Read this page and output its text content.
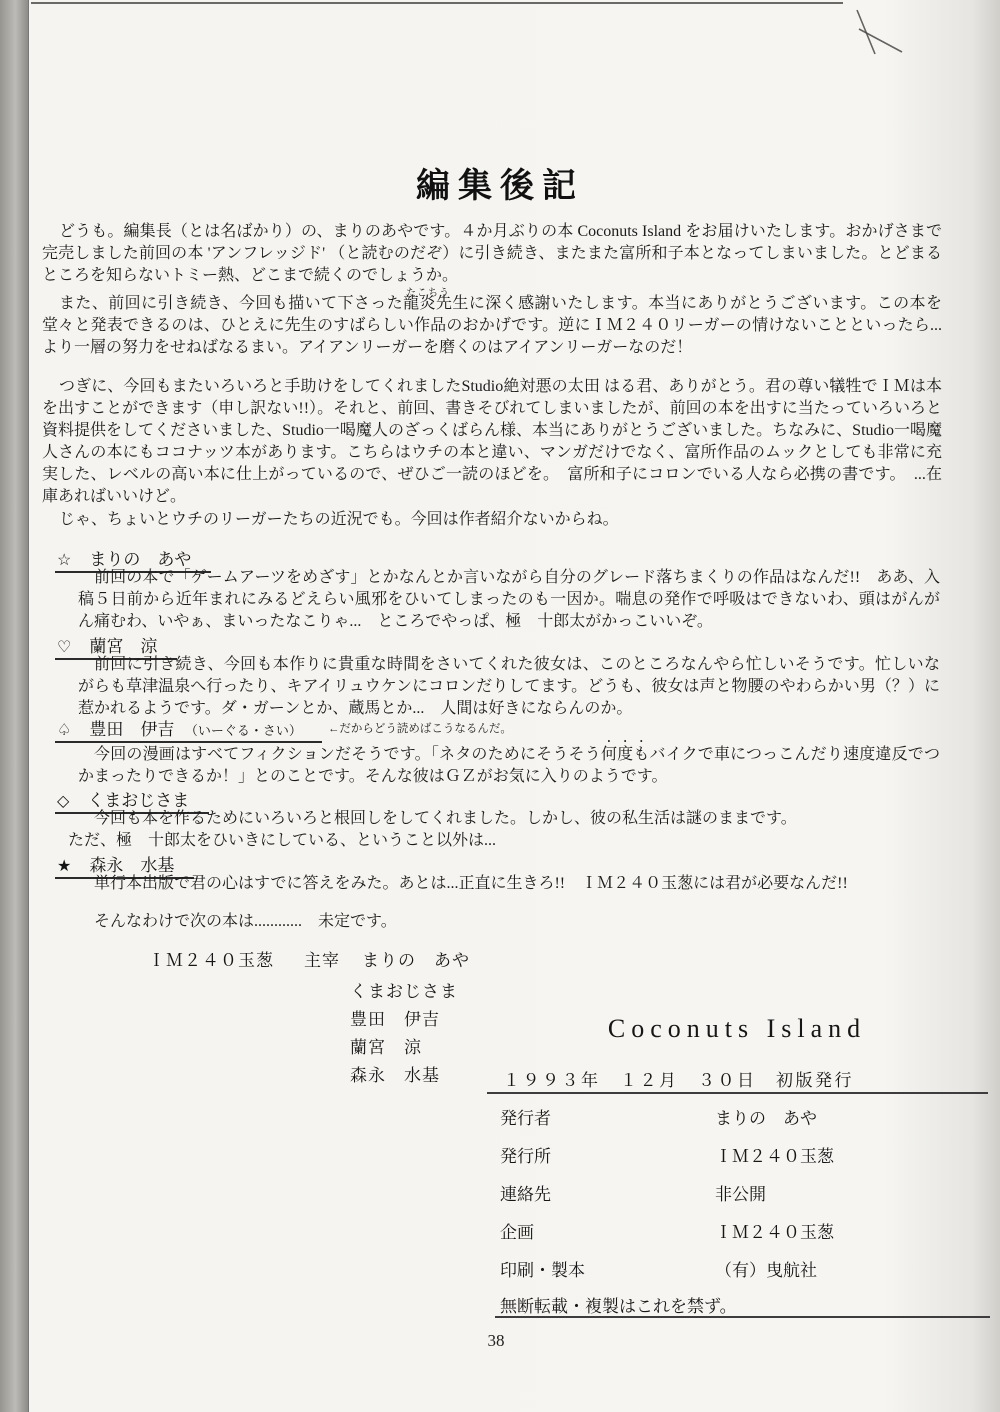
編集後記
どうも。編集長（とは名ばかり）の、まりのあやです。４か月ぶりの本 Coconuts Island をお届けいたします。おかげさまで完売しました前回の本 'アンフレッジド' （と読むのだぞ）に引き続き、またまた富所和子本となってしまいました。とどまるところを知らないトミー熱、どこまで続くのでしょうか。
また、前回に引き続き、今回も描いて下さった龍炎
たこちう
先生に深く感謝いたします。本当にありがとうございます。この本を堂々と発表できるのは、ひとえに先生のすばらしい作品のおかげです。逆にＩＭ２４０リーガーの情けないことといったら...　より一層の努力をせねばなるまい。アイアンリーガーを磨くのはアイアンリーガーなのだ！
つぎに、今回もまたいろいろと手助けをしてくれましたStudio絶対悪の太田 はる君、ありがとう。君の尊い犠牲でＩＭは本を出すことができます（申し訳ない!!）。それと、前回、書きそびれてしまいましたが、前回の本を出すに当たっていろいろと資料提供をしてくださいました、Studio一喝魔人のざっくばらん様、本当にありがとうございました。ちなみに、Studio一喝魔人さんの本にもココナッツ本があります。こちらはウチの本と違い、マンガだけでなく、富所作品のムックとしても非常に充実した、レベルの高い本に仕上がっているので、ぜひご一読のほどを。　富所和子にコロンでいる人なら必携の書です。　...在庫あればいいけど。
じゃ、ちょいとウチのリーガーたちの近況でも。今回は作者紹介ないからね。
☆ まりの　あや
前回の本で「ゲームアーツをめざす」とかなんとか言いながら自分のグレード落ちまくりの作品はなんだ!!　ああ、入稿５日前から近年まれにみるどえらい風邪をひいてしまったのも一因か。喘息の発作で呼吸はできないわ、頭はがんがん痛むわ、いやぁ、まいったなこりゃ...　ところでやっぱ、極　十郎太がかっこいいぞ。
♡ 蘭宮　涼
前回に引き続き、今回も本作りに貴重な時間をさいてくれた彼女は、このところなんやら忙しいそうです。忙しいながらも草津温泉へ行ったり、キアイリュウケンにコロンだりしてます。どうも、彼女は声と物腰のやわらかい男（？）に惹かれるようです。ダ・ガーンとか、蔵馬とか...　人間は好きにならんのか。
♤ 豊田　伊吉　 （いーぐる・さい） ←だからどう読めばこうなるんだ。
今回の漫画はすべてフィクションだそうです。「ネタのためにそうそう何度もバイクで車につっこんだり速度違反でつかまったりできるか！」とのことです。そんな彼はＧＺがお気に入りのようです。
◇ くまおじさま
今回も本を作るためにいろいろと根回しをしてくれました。しかし、彼の私生活は謎のままです。
ただ、極　十郎太をひいきにしている、ということ以外は...
★ 森永　水基
単行本出版で君の心はすでに答えをみた。あとは...正直に生きろ!!　ＩＭ２４０玉葱には君が必要なんだ!!
そんなわけで次の本は............　未定です。
ＩＭ２４０玉葱 主宰 まりの　あや
くまおじさま
豊田　伊吉
蘭宮　涼
森永　水基
Coconuts Island
１９９３年　１２月　３０日　初版発行
発行者	まりの　あや
発行所	ＩＭ２４０玉葱
連絡先	非公開
企画	ＩＭ２４０玉葱
印刷・製本	（有）曳航社
無断転載・複製はこれを禁ず。
38
